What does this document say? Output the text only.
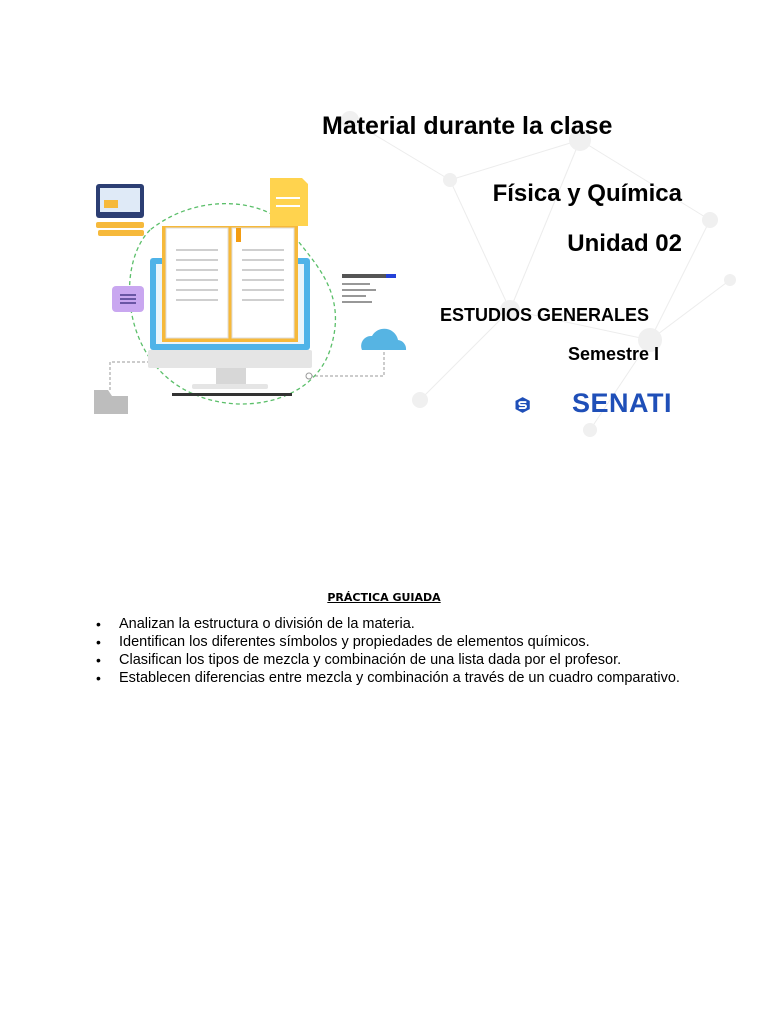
Material durante la clase
Física y Química
Unidad 02
ESTUDIOS GENERALES
Semestre I
SENATI
PRÁCTICA GUIADA
• Analizan la estructura o división de la materia.
• Identifican los diferentes símbolos y propiedades de elementos químicos.
• Clasifican los tipos de mezcla y combinación de una lista dada por el profesor.
• Establecen diferencias entre mezcla y combinación a través de un cuadro comparativo.
